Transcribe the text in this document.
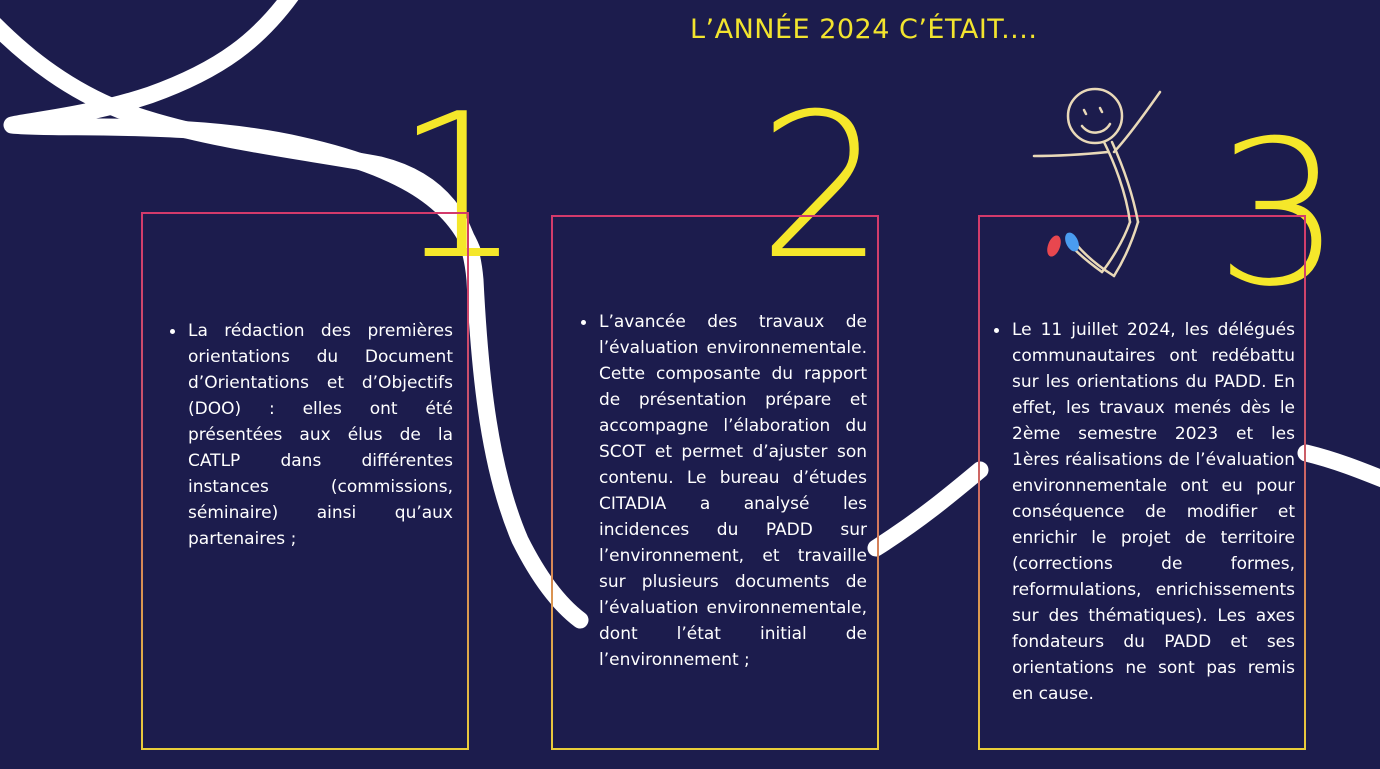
L’ANNÉE 2024 C’ÉTAIT....
1 2 3
La rédaction des premières orientations du Document d’Orientations et d’Objectifs (DOO) : elles ont été présentées aux élus de la CATLP dans différentes instances (commissions, séminaire) ainsi qu’aux partenaires ;
L’avancée des travaux de l’évaluation environnementale. Cette composante du rapport de présentation prépare et accompagne l’élaboration du SCOT et permet d’ajuster son contenu. Le bureau d’études CITADIA a analysé les incidences du PADD sur l’environnement, et travaille sur plusieurs documents de l’évaluation environnementale, dont l’état initial de l’environnement ;
Le 11 juillet 2024, les délégués communautaires ont redébattu sur les orientations du PADD. En effet, les travaux menés dès le 2ème semestre 2023 et les 1ères réalisations de l’évaluation environnementale ont eu pour conséquence de modifier et enrichir le projet de territoire (corrections de formes, reformulations, enrichissements sur des thématiques). Les axes fondateurs du PADD et ses orientations ne sont pas remis en cause.
